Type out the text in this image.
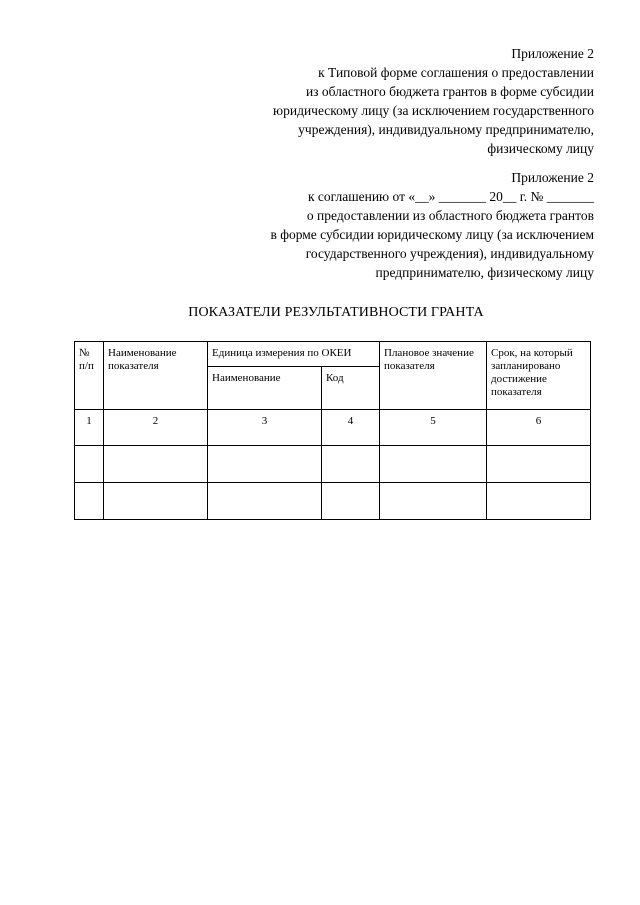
Приложение 2
к Типовой форме соглашения о предоставлении
из областного бюджета грантов в форме субсидии
юридическому лицу (за исключением государственного
учреждения), индивидуальному предпринимателю,
физическому лицу
Приложение 2
к соглашению от «__» _______ 20__ г. № _______
о предоставлении из областного бюджета грантов
в форме субсидии юридическому лицу (за исключением
государственного учреждения), индивидуальному
предпринимателю, физическому лицу
ПОКАЗАТЕЛИ РЕЗУЛЬТАТИВНОСТИ ГРАНТА
№ п/п	Наименование показателя	Единица измерения по ОКЕИ		Плановое значение показателя	Срок, на который запланировано достижение показателя
		Наименование	Код		
1	2	3	4	5	6
